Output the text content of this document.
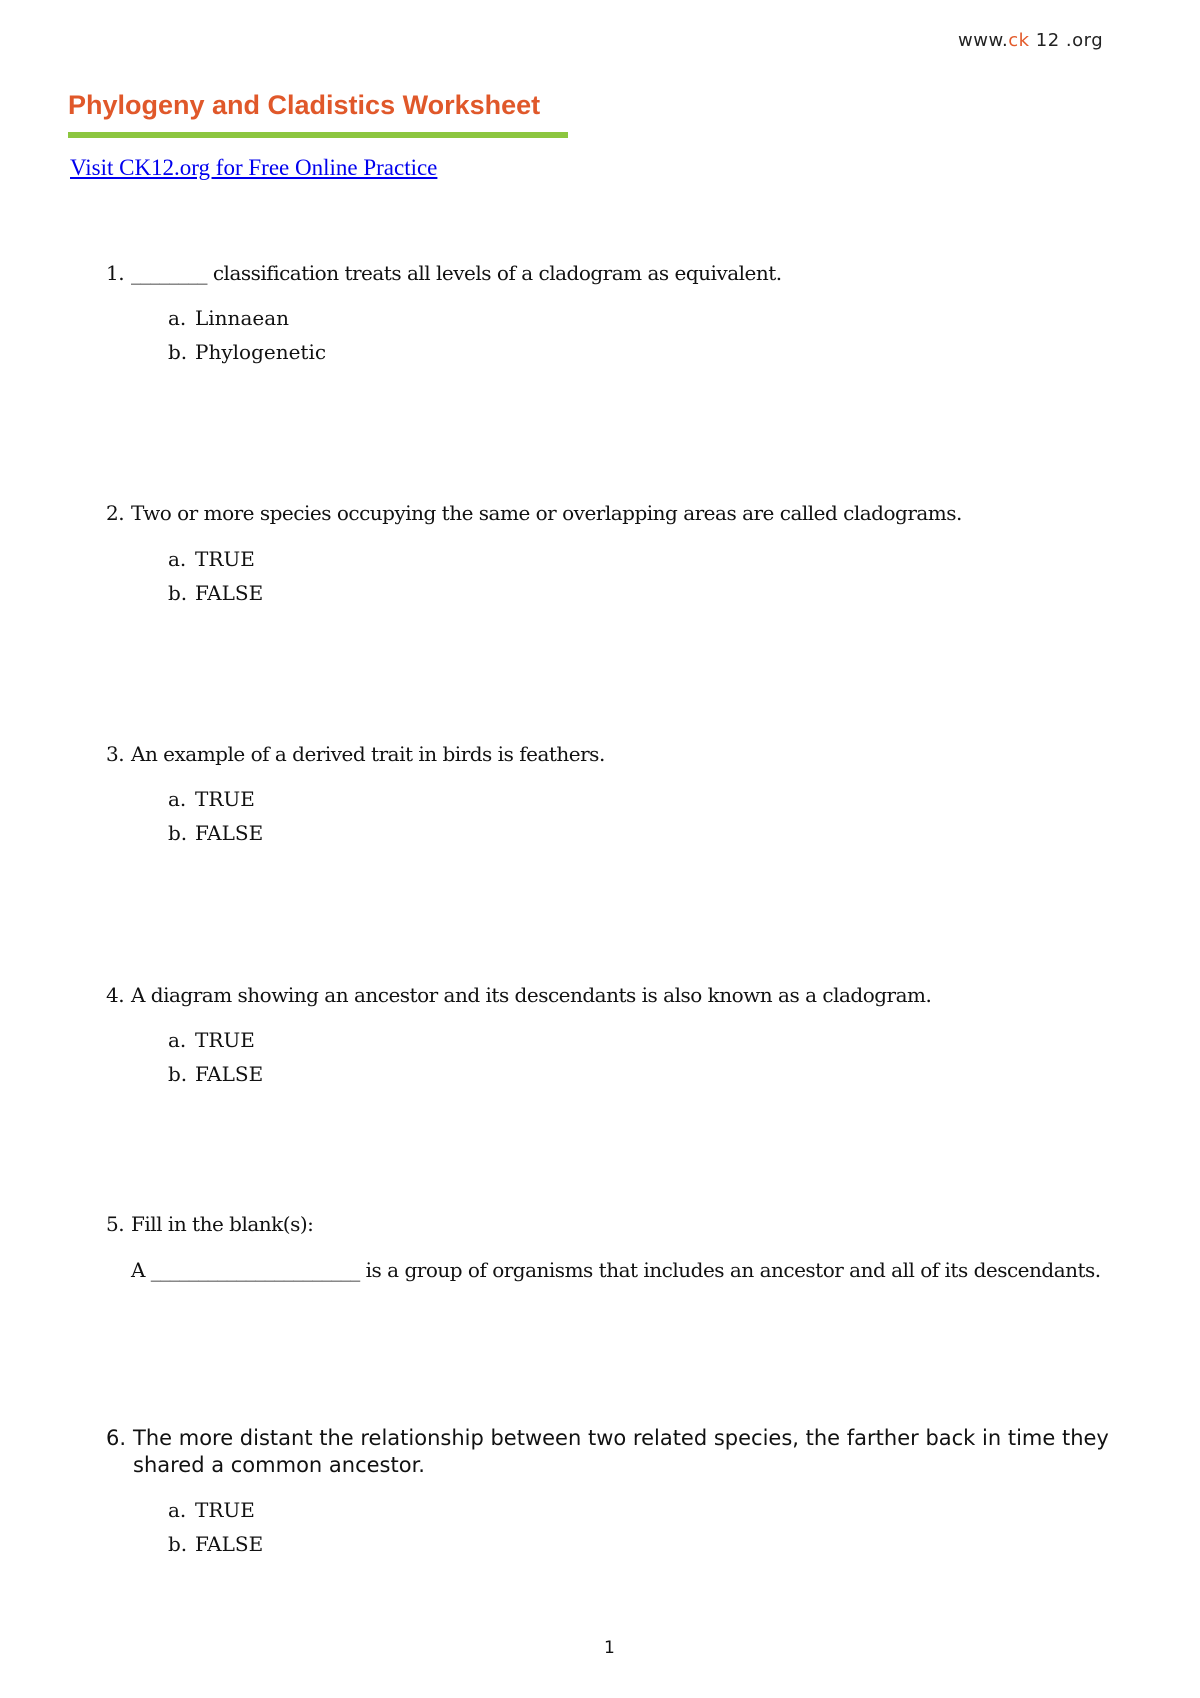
www.ck 12 .org
Phylogeny and Cladistics Worksheet
Visit CK12.org for Free Online Practice
1. ________ classification treats all levels of a cladogram as equivalent.
a. Linnaean
b. Phylogenetic
2. Two or more species occupying the same or overlapping areas are called cladograms.
a. TRUE
b. FALSE
3. An example of a derived trait in birds is feathers.
a. TRUE
b. FALSE
4. A diagram showing an ancestor and its descendants is also known as a cladogram.
a. TRUE
b. FALSE
5. Fill in the blank(s):
A ______________________ is a group of organisms that includes an ancestor and all of its descendants.
6. The more distant the relationship between two related species, the farther back in time they shared a common ancestor.
a. TRUE
b. FALSE
1
